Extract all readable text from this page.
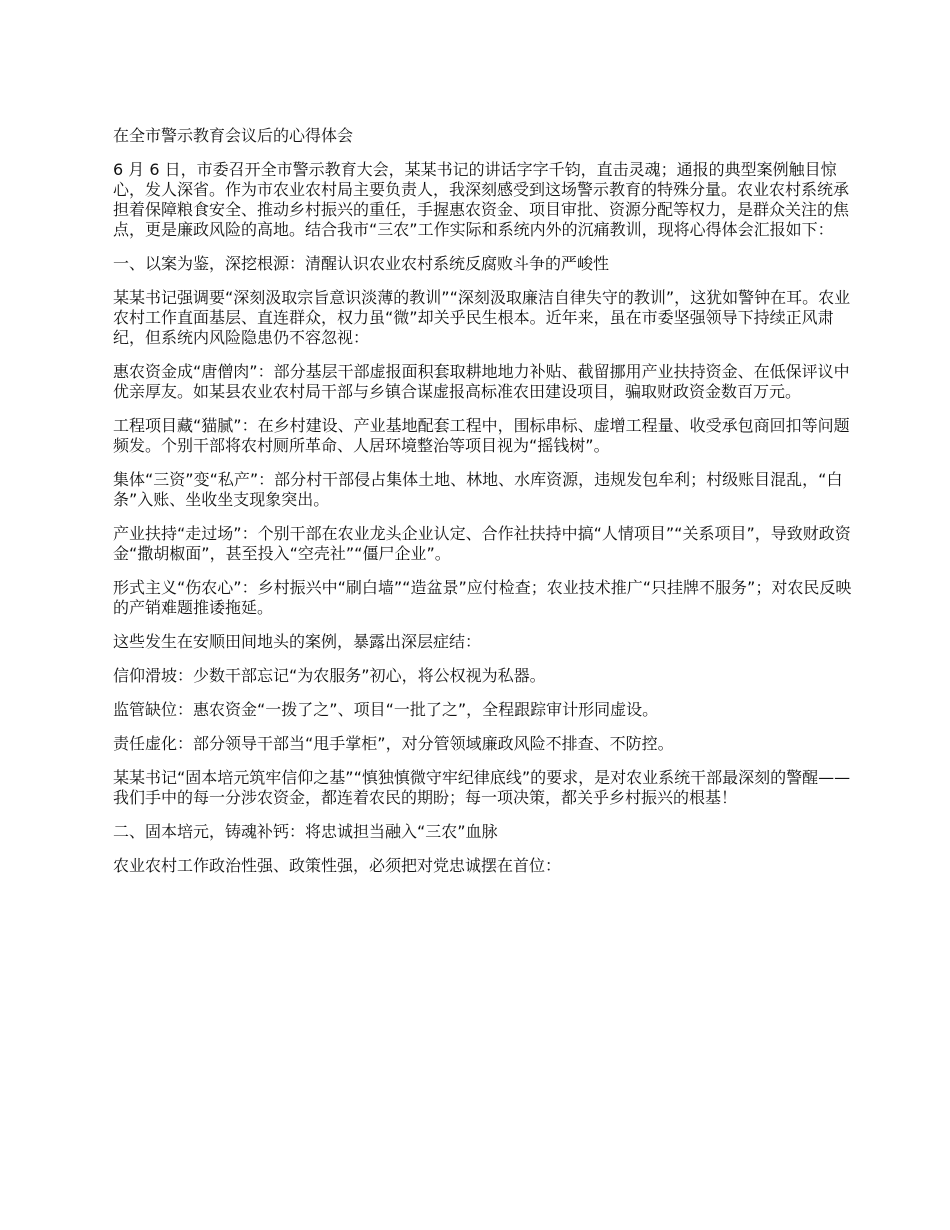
在全市警示教育会议后的心得体会

6 月 6 日，市委召开全市警示教育大会，某某书记的讲话字字千钧，直击灵魂；通报的典型案例触目惊心，发人深省。作为市农业农村局主要负责人，我深刻感受到这场警示教育的特殊分量。农业农村系统承担着保障粮食安全、推动乡村振兴的重任，手握惠农资金、项目审批、资源分配等权力，是群众关注的焦点，更是廉政风险的高地。结合我市“三农”工作实际和系统内外的沉痛教训，现将心得体会汇报如下：

一、以案为鉴，深挖根源：清醒认识农业农村系统反腐败斗争的严峻性

某某书记强调要“深刻汲取宗旨意识淡薄的教训”“深刻汲取廉洁自律失守的教训”，这犹如警钟在耳。农业农村工作直面基层、直连群众，权力虽“微”却关乎民生根本。近年来，虽在市委坚强领导下持续正风肃纪，但系统内风险隐患仍不容忽视：

惠农资金成“唐僧肉”：部分基层干部虚报面积套取耕地地力补贴、截留挪用产业扶持资金、在低保评议中优亲厚友。如某县农业农村局干部与乡镇合谋虚报高标准农田建设项目，骗取财政资金数百万元。

工程项目藏“猫腻”：在乡村建设、产业基地配套工程中，围标串标、虚增工程量、收受承包商回扣等问题频发。个别干部将农村厕所革命、人居环境整治等项目视为“摇钱树”。

集体“三资”变“私产”：部分村干部侵占集体土地、林地、水库资源，违规发包牟利；村级账目混乱，“白条”入账、坐收坐支现象突出。

产业扶持“走过场”：个别干部在农业龙头企业认定、合作社扶持中搞“人情项目”“关系项目”，导致财政资金“撒胡椒面”，甚至投入“空壳社”“僵尸企业”。

形式主义“伤农心”：乡村振兴中“刷白墙”“造盆景”应付检查；农业技术推广“只挂牌不服务”；对农民反映的产销难题推诿拖延。

这些发生在安顺田间地头的案例，暴露出深层症结：

信仰滑坡：少数干部忘记“为农服务”初心，将公权视为私器。

监管缺位：惠农资金“一拨了之”、项目“一批了之”，全程跟踪审计形同虚设。

责任虚化：部分领导干部当“甩手掌柜”，对分管领域廉政风险不排查、不防控。

某某书记“固本培元筑牢信仰之基”“慎独慎微守牢纪律底线”的要求，是对农业系统干部最深刻的警醒——我们手中的每一分涉农资金，都连着农民的期盼；每一项决策，都关乎乡村振兴的根基！

二、固本培元，铸魂补钙：将忠诚担当融入“三农”血脉

农业农村工作政治性强、政策性强，必须把对党忠诚摆在首位：
